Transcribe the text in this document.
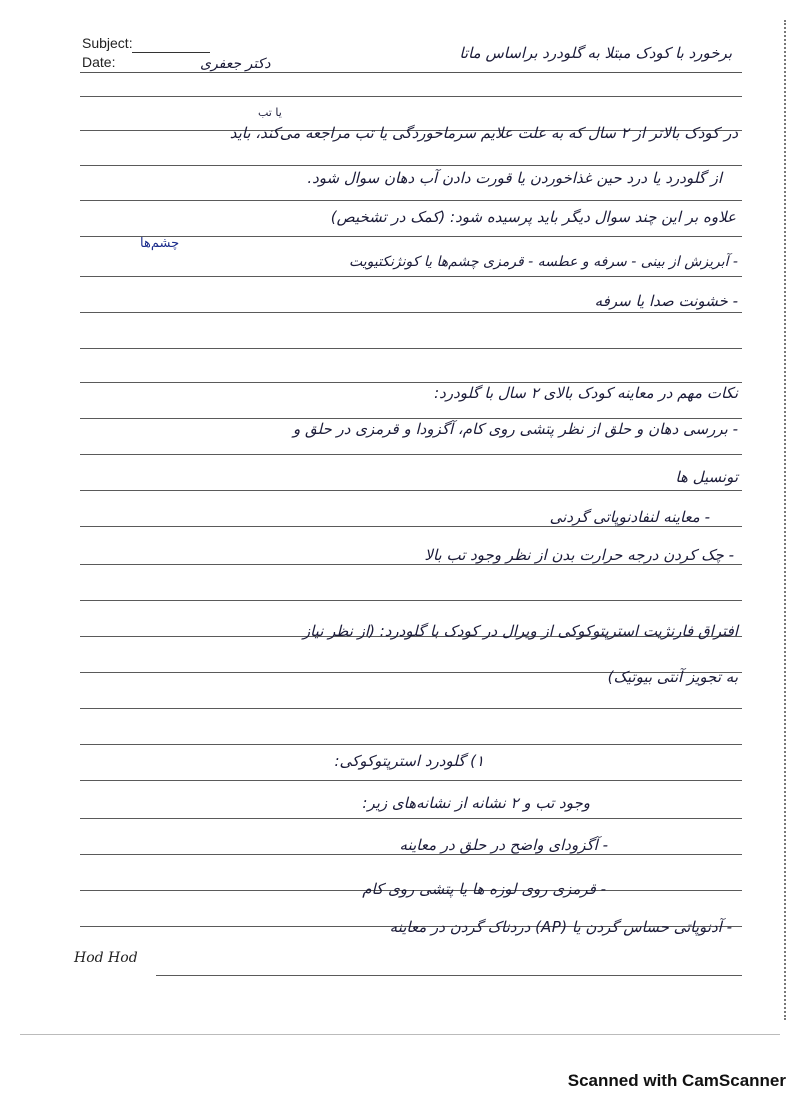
Subject:
Date:	برخورد با کودک مبتلا به گلودرد براساس ماتا
دکتر جعفری
یا تب
در کودک بالاتر از ۲ سال که به علت علایم سرماخوردگی یا تب مراجعه می‌کند، باید
از گلودرد یا درد حین غذاخوردن یا قورت دادن آب دهان سوال شود.
علاوه بر این چند سوال دیگر باید پرسیده شود: (کمک در تشخیص)
چشم‌ها
- آبریزش از بینی - سرفه و عطسه - قرمزی چشم‌ها یا کونژنکتیویت
- خشونت صدا یا سرفه
نکات مهم در معاینه کودک بالای ۲ سال با گلودرد:
- بررسی دهان و حلق از نظر پتشی روی کام، آگزودا و قرمزی در حلق و
تونسیل ها
- معاینه لنفادنوپاتی گردنی
- چک کردن درجه حرارت بدن از نظر وجود تب بالا
افتراق فارنژیت استرپتوکوکی از ویرال در کودک با گلودرد: (از نظر نیاز
به تجویز آنتی بیوتیک)
۱) گلودرد استرپتوکوکی:
وجود تب و ۲ نشانه از نشانه‌های زیر:
- آگزودای واضح در حلق در معاینه
- قرمزی روی لوزه ها یا پتشی روی کام
- آدنوپاتی حساس گردن یا (AP) دردناک گردن در معاینه
Hod Hod
Scanned with CamScanner
